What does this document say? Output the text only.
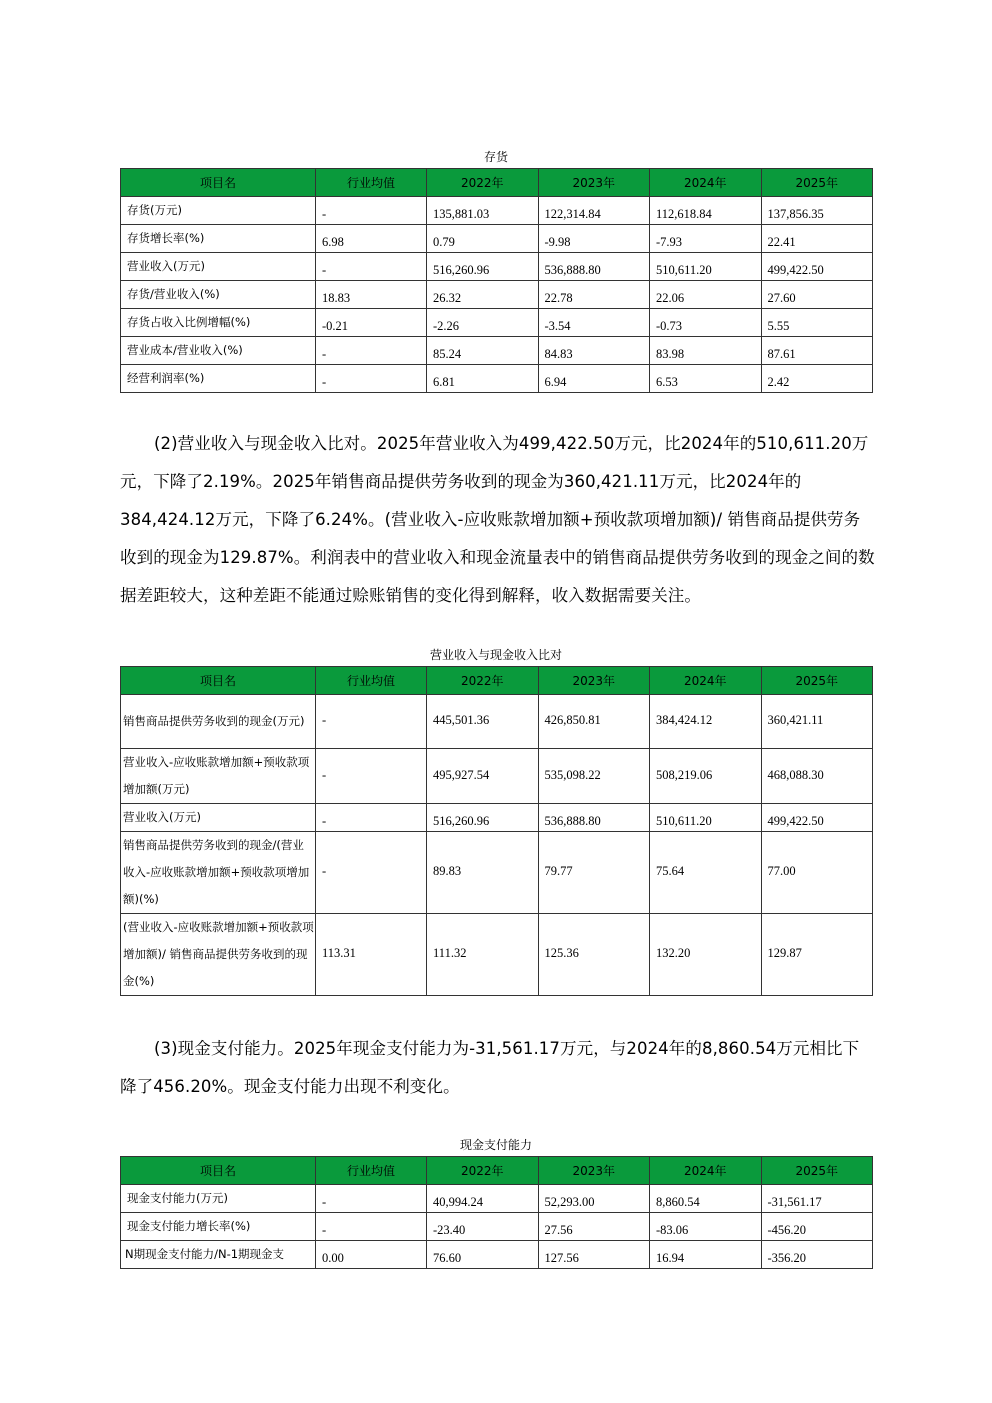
存货
项目名	行业均值	2022年	2023年	2024年	2025年
存货(万元)	-	135,881.03	122,314.84	112,618.84	137,856.35
存货增长率(%)	6.98	0.79	-9.98	-7.93	22.41
营业收入(万元)	-	516,260.96	536,888.80	510,611.20	499,422.50
存货/营业收入(%)	18.83	26.32	22.78	22.06	27.60
存货占收入比例增幅(%)	-0.21	-2.26	-3.54	-0.73	5.55
营业成本/营业收入(%)	-	85.24	84.83	83.98	87.61
经营利润率(%)	-	6.81	6.94	6.53	2.42
(2)营业收入与现金收入比对。2025年营业收入为499,422.50万元，比2024年的510,611.20万元，下降了2.19%。2025年销售商品提供劳务收到的现金为360,421.11万元，比2024年的384,424.12万元，下降了6.24%。(营业收入-应收账款增加额+预收款项增加额)/ 销售商品提供劳务收到的现金为129.87%。利润表中的营业收入和现金流量表中的销售商品提供劳务收到的现金之间的数据差距较大，这种差距不能通过赊账销售的变化得到解释，收入数据需要关注。
营业收入与现金收入比对
项目名	行业均值	2022年	2023年	2024年	2025年
销售商品提供劳务收到的现金(万元)	-	445,501.36	426,850.81	384,424.12	360,421.11
营业收入-应收账款增加额+预收款项增加额(万元)	-	495,927.54	535,098.22	508,219.06	468,088.30
营业收入(万元)	-	516,260.96	536,888.80	510,611.20	499,422.50
销售商品提供劳务收到的现金/(营业收入-应收账款增加额+预收款项增加额)(%)	-	89.83	79.77	75.64	77.00
(营业收入-应收账款增加额+预收款项增加额)/ 销售商品提供劳务收到的现金(%)	113.31	111.32	125.36	132.20	129.87
(3)现金支付能力。2025年现金支付能力为-31,561.17万元，与2024年的8,860.54万元相比下降了456.20%。现金支付能力出现不利变化。
现金支付能力
项目名	行业均值	2022年	2023年	2024年	2025年
现金支付能力(万元)	-	40,994.24	52,293.00	8,860.54	-31,561.17
现金支付能力增长率(%)	-	-23.40	27.56	-83.06	-456.20
N期现金支付能力/N-1期现金支	0.00	76.60	127.56	16.94	-356.20
